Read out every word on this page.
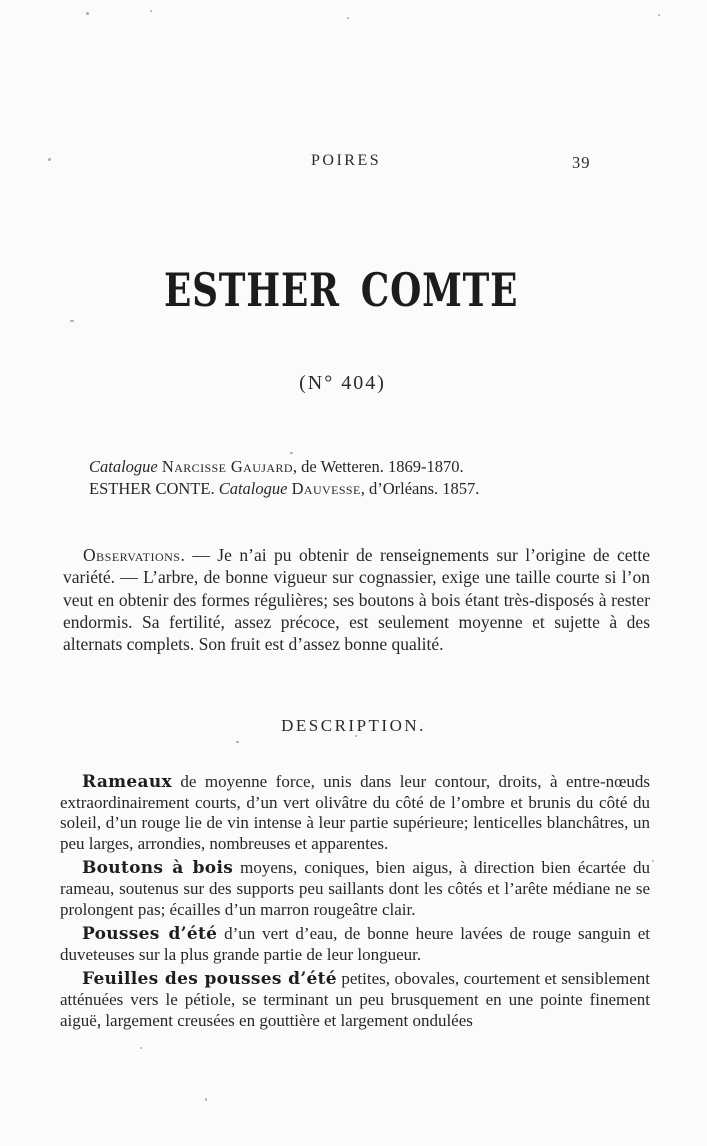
POIRES	39
ESTHER COMTE
(N° 404)

Catalogue Narcisse Gaujard, de Wetteren. 1869-1870.

ESTHER CONTE. Catalogue Dauvesse, d’Orléans. 1857.

Observations. — Je n’ai pu obtenir de renseignements sur l’origine de cette variété. — L’arbre, de bonne vigueur sur cognassier, exige une taille courte si l’on veut en obtenir des formes régulières; ses boutons à bois étant très-disposés à rester endormis. Sa fertilité, assez précoce, est seulement moyenne et sujette à des alternats complets. Son fruit est d’assez bonne qualité.

DESCRIPTION.

Rameaux de moyenne force, unis dans leur contour, droits, à entre-nœuds extraordinairement courts, d’un vert olivâtre du côté de l’ombre et brunis du côté du soleil, d’un rouge lie de vin intense à leur partie supérieure; lenticelles blanchâtres, un peu larges, arrondies, nombreuses et apparentes.

Boutons à bois moyens, coniques, bien aigus, à direction bien écartée du rameau, soutenus sur des supports peu saillants dont les côtés et l’arête médiane ne se prolongent pas; écailles d’un marron rougeâtre clair.

Pousses d’été d’un vert d’eau, de bonne heure lavées de rouge sanguin et duveteuses sur la plus grande partie de leur longueur.

Feuilles des pousses d’été petites, obovales, courtement et sensiblement atténuées vers le pétiole, se terminant un peu brusquement en une pointe finement aiguë, largement creusées en gouttière et largement ondulées
